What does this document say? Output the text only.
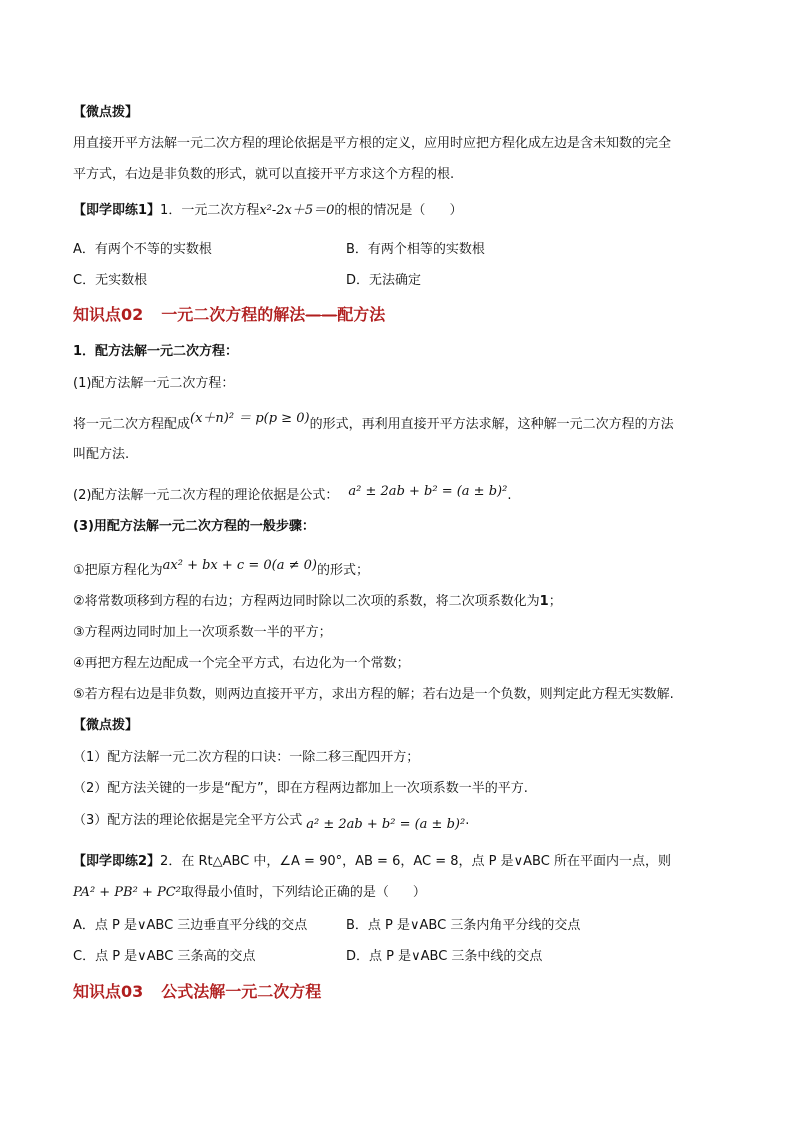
【微点拨】
用直接开平方法解一元二次方程的理论依据是平方根的定义，应用时应把方程化成左边是含未知数的完全
平方式，右边是非负数的形式，就可以直接开平方求这个方程的根.
【即学即练1】1．一元二次方程x²-2x＋5＝0的根的情况是（ ）
A．有两个不等的实数根	B．有两个相等的实数根
C．无实数根	D．无法确定
知识点02 一元二次方程的解法——配方法
1．配方法解一元二次方程：
(1)配方法解一元二次方程：
将一元二次方程配成(x＋n)² ＝ p(p ≥ 0)的形式，再利用直接开平方法求解，这种解一元二次方程的方法
叫配方法.
(2)配方法解一元二次方程的理论依据是公式： a² ± 2ab + b² = (a ± b)².
(3)用配方法解一元二次方程的一般步骤：
①把原方程化为ax² + bx + c = 0(a ≠ 0)的形式；
②将常数项移到方程的右边；方程两边同时除以二次项的系数，将二次项系数化为1；
③方程两边同时加上一次项系数一半的平方；
④再把方程左边配成一个完全平方式，右边化为一个常数；
⑤若方程右边是非负数，则两边直接开平方，求出方程的解；若右边是一个负数，则判定此方程无实数解.
【微点拨】
（1）配方法解一元二次方程的口诀：一除二移三配四开方；
（2）配方法关键的一步是“配方”，即在方程两边都加上一次项系数一半的平方.
（3）配方法的理论依据是完全平方公式 a² ± 2ab + b² = (a ± b)².
【即学即练2】2．在 Rt△ABC 中，∠A = 90°，AB = 6，AC = 8，点 P 是∨ABC 所在平面内一点，则
PA² + PB² + PC²取得最小值时，下列结论正确的是（ ）
A．点 P 是∨ABC 三边垂直平分线的交点	B．点 P 是∨ABC 三条内角平分线的交点
C．点 P 是∨ABC 三条高的交点	D．点 P 是∨ABC 三条中线的交点
知识点03 公式法解一元二次方程
